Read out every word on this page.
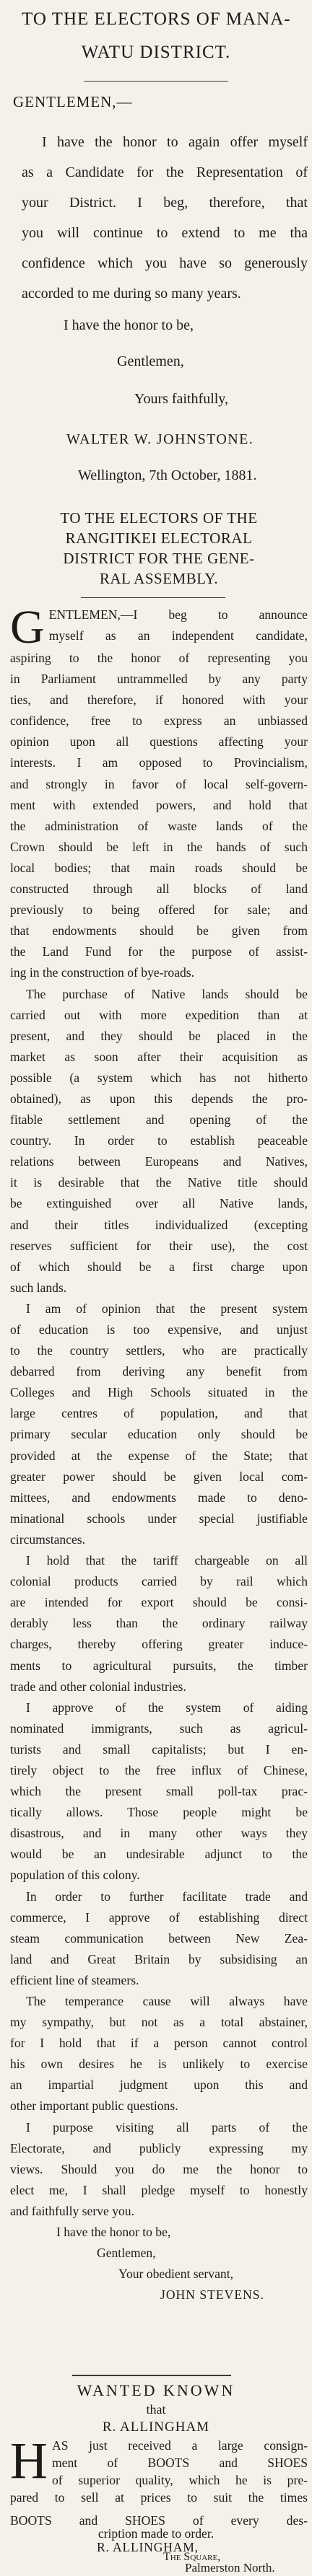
TO THE ELECTORS OF MANA-
WATU DISTRICT.
GENTLEMEN,—
I have the honor to again offer myself
as a Candidate for the Representation of
your District. I beg, therefore, that
you will continue to extend to me tha
confidence which you have so generously
accorded to me during so many years.
I have the honor to be,
Gentlemen,
Yours faithfully,
WALTER W. JOHNSTONE.
Wellington, 7th October, 1881.
TO THE ELECTORS OF THE
RANGITIKEI ELECTORAL
DISTRICT FOR THE GENE-
RAL ASSEMBLY.
G ENTLEMEN,—I beg to announce
myself as an independent candidate,
aspiring to the honor of representing you
in Parliament untrammelled by any party
ties, and therefore, if honored with your
confidence, free to express an unbiassed
opinion upon all questions affecting your
interests. I am opposed to Provincialism,
and strongly in favor of local self-govern-
ment with extended powers, and hold that
the administration of waste lands of the
Crown should be left in the hands of such
local bodies; that main roads should be
constructed through all blocks of land
previously to being offered for sale; and
that endowments should be given from
the Land Fund for the purpose of assist-
ing in the construction of bye-roads.
The purchase of Native lands should be
carried out with more expedition than at
present, and they should be placed in the
market as soon after their acquisition as
possible (a system which has not hitherto
obtained), as upon this depends the pro-
fitable settlement and opening of the
country. In order to establish peaceable
relations between Europeans and Natives,
it is desirable that the Native title should
be extinguished over all Native lands,
and their titles individualized (excepting
reserves sufficient for their use), the cost
of which should be a first charge upon
such lands.
I am of opinion that the present system
of education is too expensive, and unjust
to the country settlers, who are practically
debarred from deriving any benefit from
Colleges and High Schools situated in the
large centres of population, and that
primary secular education only should be
provided at the expense of the State; that
greater power should be given local com-
mittees, and endowments made to deno-
minational schools under special justifiable
circumstances.
I hold that the tariff chargeable on all
colonial products carried by rail which
are intended for export should be consi-
derably less than the ordinary railway
charges, thereby offering greater induce-
ments to agricultural pursuits, the timber
trade and other colonial industries.
I approve of the system of aiding
nominated immigrants, such as agricul-
turists and small capitalists; but I en-
tirely object to the free influx of Chinese,
which the present small poll-tax prac-
tically allows. Those people might be
disastrous, and in many other ways they
would be an undesirable adjunct to the
population of this colony.
In order to further facilitate trade and
commerce, I approve of establishing direct
steam communication between New Zea-
land and Great Britain by subsidising an
efficient line of steamers.
The temperance cause will always have
my sympathy, but not as a total abstainer,
for I hold that if a person cannot control
his own desires he is unlikely to exercise
an impartial judgment upon this and
other important public questions.
I purpose visiting all parts of the
Electorate, and publicly expressing my
views. Should you do me the honor to
elect me, I shall pledge myself to honestly
and faithfully serve you.
I have the honor to be,
Gentlemen,
Your obedient servant,
JOHN STEVENS.
WANTED KNOWN
that
R. ALLINGHAM
H AS just received a large consign-
ment of BOOTS and SHOES
of superior quality, which he is pre-
pared to sell at prices to suit the times
BOOTS and SHOES of every des-
cription made to order.
R. ALLINGHAM,
The Square,
Palmerston North.
